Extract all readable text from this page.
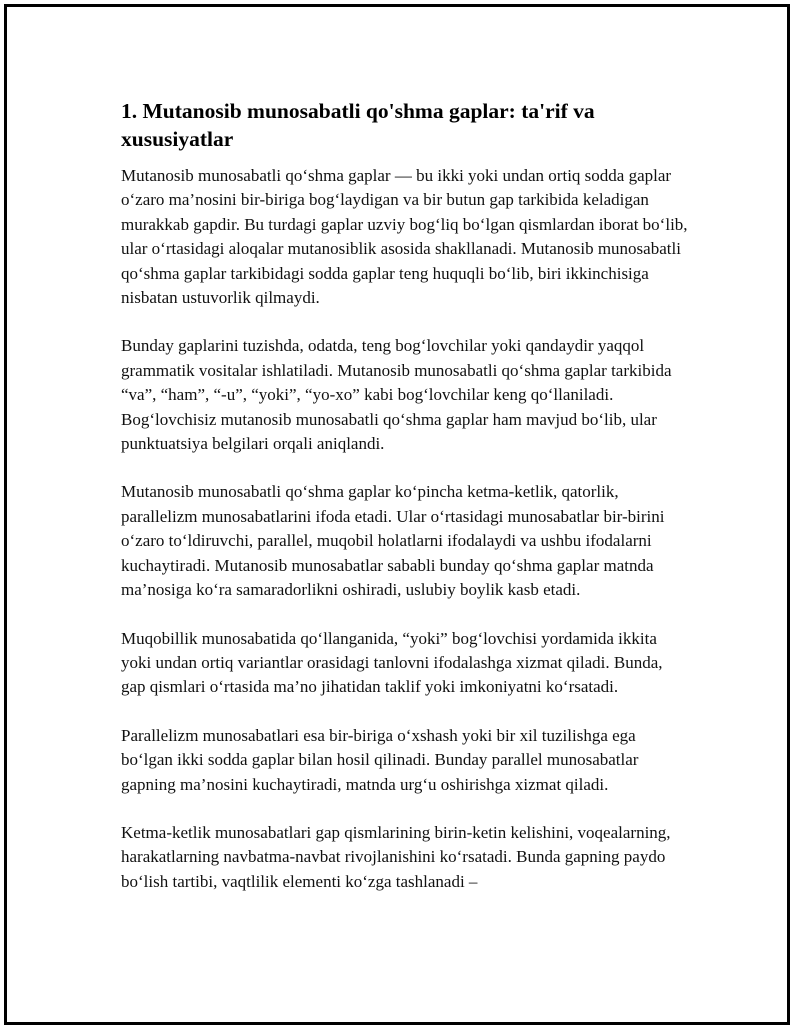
1. Mutanosib munosabatli qo'shma gaplar: ta'rif va xususiyatlar

Mutanosib munosabatli qo‘shma gaplar — bu ikki yoki undan ortiq sodda gaplar o‘zaro ma’nosini bir-biriga bog‘laydigan va bir butun gap tarkibida keladigan murakkab gapdir. Bu turdagi gaplar uzviy bog‘liq bo‘lgan qismlardan iborat bo‘lib, ular o‘rtasidagi aloqalar mutanosiblik asosida shakllanadi. Mutanosib munosabatli qo‘shma gaplar tarkibidagi sodda gaplar teng huquqli bo‘lib, biri ikkinchisiga nisbatan ustuvorlik qilmaydi.

Bunday gaplarini tuzishda, odatda, teng bog‘lovchilar yoki qandaydir yaqqol grammatik vositalar ishlatiladi. Mutanosib munosabatli qo‘shma gaplar tarkibida “va”, “ham”, “-u”, “yoki”, “yo-xo” kabi bog‘lovchilar keng qo‘llaniladi. Bog‘lovchisiz mutanosib munosabatli qo‘shma gaplar ham mavjud bo‘lib, ular punktuatsiya belgilari orqali aniqlandi.

Mutanosib munosabatli qo‘shma gaplar ko‘pincha ketma-ketlik, qatorlik, parallelizm munosabatlarini ifoda etadi. Ular o‘rtasidagi munosabatlar bir-birini o‘zaro to‘ldiruvchi, parallel, muqobil holatlarni ifodalaydi va ushbu ifodalarni kuchaytiradi. Mutanosib munosabatlar sababli bunday qo‘shma gaplar matnda ma’nosiga ko‘ra samaradorlikni oshiradi, uslubiy boylik kasb etadi.

Muqobillik munosabatida qo‘llanganida, “yoki” bog‘lovchisi yordamida ikkita yoki undan ortiq variantlar orasidagi tanlovni ifodalashga xizmat qiladi. Bunda, gap qismlari o‘rtasida ma’no jihatidan taklif yoki imkoniyatni ko‘rsatadi.

Parallelizm munosabatlari esa bir-biriga o‘xshash yoki bir xil tuzilishga ega bo‘lgan ikki sodda gaplar bilan hosil qilinadi. Bunday parallel munosabatlar gapning ma’nosini kuchaytiradi, matnda urg‘u oshirishga xizmat qiladi.

Ketma-ketlik munosabatlari gap qismlarining birin-ketin kelishini, voqealarning, harakatlarning navbatma-navbat rivojlanishini ko‘rsatadi. Bunda gapning paydo bo‘lish tartibi, vaqtlilik elementi ko‘zga tashlanadi –
